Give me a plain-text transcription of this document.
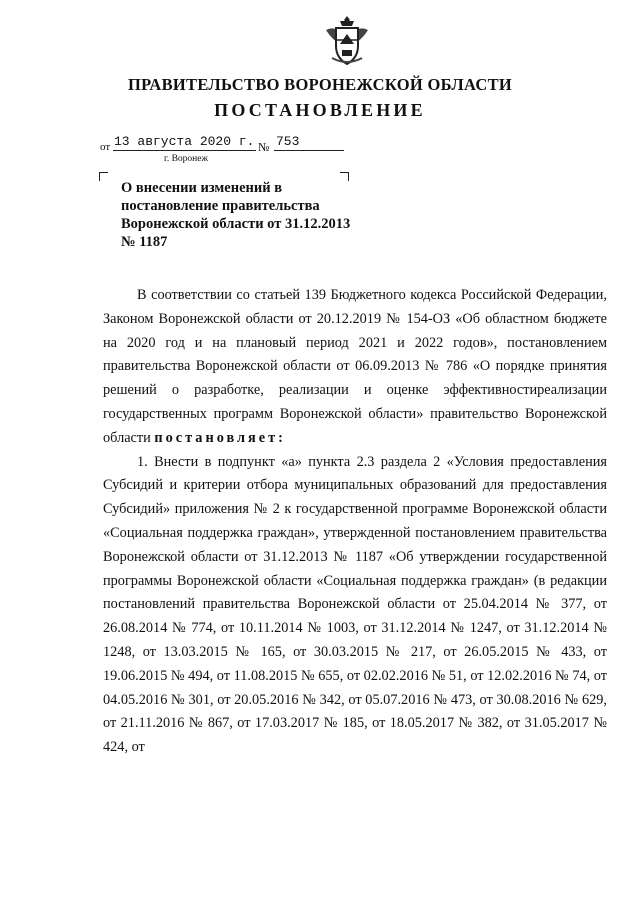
ПРАВИТЕЛЬСТВО ВОРОНЕЖСКОЙ ОБЛАСТИ
ПОСТАНОВЛЕНИЕ
от 13 августа 2020 г. № 753
г. Воронеж
О внесении изменений в постановление правительства Воронежской области от 31.12.2013 № 1187

В соответствии со статьей 139 Бюджетного кодекса Российской Федерации, Законом Воронежской области от 20.12.2019 № 154-ОЗ «Об областном бюджете на 2020 год и на плановый период 2021 и 2022 годов», постановлением правительства Воронежской области от 06.09.2013 № 786 «О порядке принятия решений о разработке, реализации и оценке эффективностиреализации государственных программ Воронежской области» правительство Воронежской области постановляет:

1. Внести в подпункт «а» пункта 2.3 раздела 2 «Условия предоставления Субсидий и критерии отбора муниципальных образований для предоставления Субсидий» приложения № 2 к государственной программе Воронежской области «Социальная поддержка граждан», утвержденной постановлением правительства Воронежской области от 31.12.2013 № 1187 «Об утверждении государственной программы Воронежской области «Социальная поддержка граждан» (в редакции постановлений правительства Воронежской области от 25.04.2014 № 377, от 26.08.2014 № 774, от 10.11.2014 № 1003, от 31.12.2014 № 1247, от 31.12.2014 № 1248, от 13.03.2015 № 165, от 30.03.2015 № 217, от 26.05.2015 № 433, от 19.06.2015 № 494, от 11.08.2015 № 655, от 02.02.2016 № 51, от 12.02.2016 № 74, от 04.05.2016 № 301, от 20.05.2016 № 342, от 05.07.2016 № 473, от 30.08.2016 № 629, от 21.11.2016 № 867, от 17.03.2017 № 185, от 18.05.2017 № 382, от 31.05.2017 № 424, от
